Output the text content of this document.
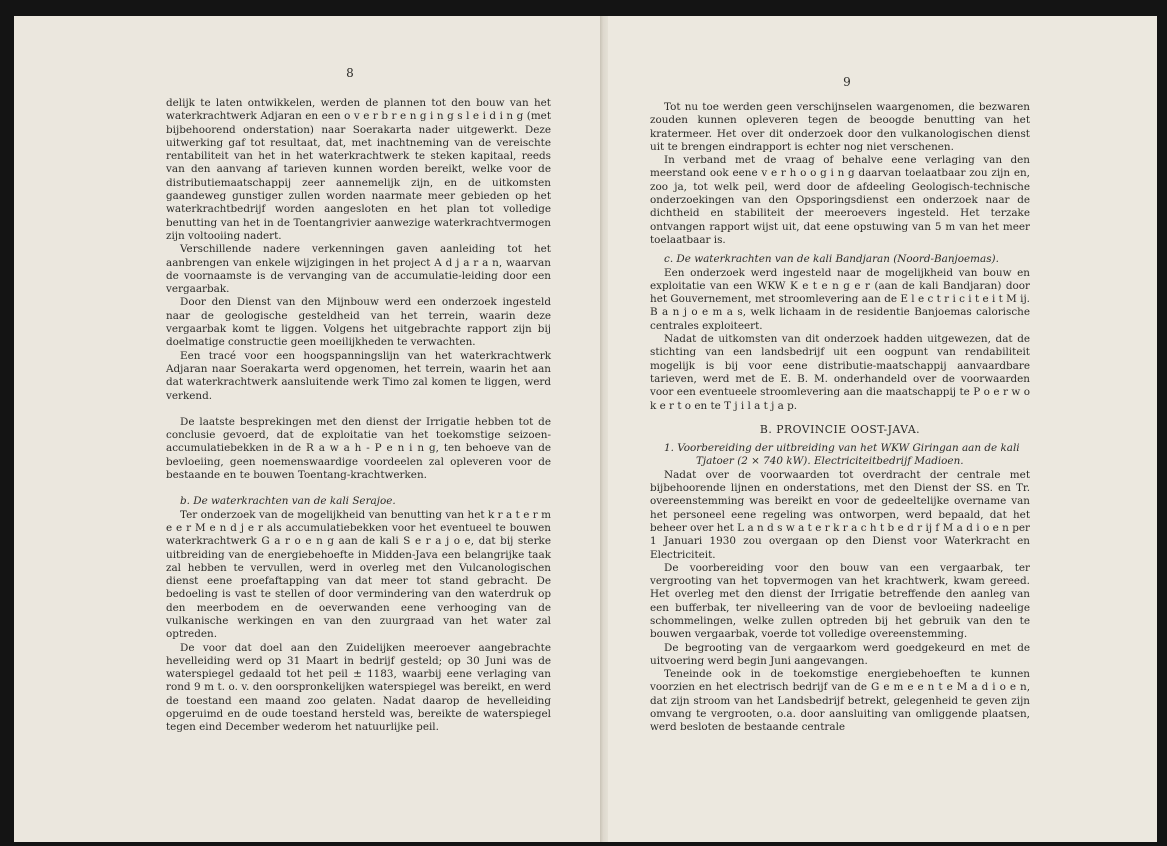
8
9

delijk te laten ontwikkelen, werden de plannen tot den bouw van het waterkrachtwerk Adjaran en een o v e r b r e n g i n g s l e i d i n g (met bijbehoorend onderstation) naar Soerakarta nader uitgewerkt. Deze uitwerking gaf tot resultaat, dat, met inachtneming van de vereischte rentabiliteit van het in het waterkrachtwerk te steken kapitaal, reeds van den aanvang af tarieven kunnen worden bereikt, welke voor de distributiemaatschappij zeer aannemelijk zijn, en de uitkomsten gaandeweg gunstiger zullen worden naarmate meer gebieden op het waterkrachtbedrijf worden aangesloten en het plan tot volledige benutting van het in de Toentangrivier aanwezige waterkrachtvermogen zijn voltooiing nadert.

Verschillende nadere verkenningen gaven aanleiding tot het aanbrengen van enkele wijzigingen in het project A d j a r a n, waarvan de voornaamste is de vervanging van de accumulatie-leiding door een vergaarbak.

Door den Dienst van den Mijnbouw werd een onderzoek ingesteld naar de geologische gesteldheid van het terrein, waarin deze vergaarbak komt te liggen. Volgens het uitgebrachte rapport zijn bij doelmatige constructie geen moeilijkheden te verwachten.

Een tracé voor een hoogspanningslijn van het waterkrachtwerk Adjaran naar Soerakarta werd opgenomen, het terrein, waarin het aan dat waterkrachtwerk aansluitende werk Timo zal komen te liggen, werd verkend.

De laatste besprekingen met den dienst der Irrigatie hebben tot de conclusie gevoerd, dat de exploitatie van het toekomstige seizoen-accumulatiebekken in de R a w a h - P e n i n g, ten behoeve van de bevloeiing, geen noemenswaardige voordeelen zal opleveren voor de bestaande en te bouwen Toentang-krachtwerken.

b. De waterkrachten van de kali Serajoe.

Ter onderzoek van de mogelijkheid van benutting van het k r a t e r m e e r M e n d j e r als accumulatiebekken voor het eventueel te bouwen waterkrachtwerk G a r o e n g aan de kali S e r a j o e, dat bij sterke uitbreiding van de energiebehoefte in Midden-Java een belangrijke taak zal hebben te vervullen, werd in overleg met den Vulcanologischen dienst eene proefaftapping van dat meer tot stand gebracht. De bedoeling is vast te stellen of door vermindering van den waterdruk op den meerbodem en de oeverwanden eene verhooging van de vulkanische werkingen en van den zuurgraad van het water zal optreden.

De voor dat doel aan den Zuidelijken meeroever aangebrachte hevelleiding werd op 31 Maart in bedrijf gesteld; op 30 Juni was de waterspiegel gedaald tot het peil ± 1183, waarbij eene verlaging van rond 9 m t. o. v. den oorspronkelijken waterspiegel was bereikt, en werd de toestand een maand zoo gelaten. Nadat daarop de hevelleiding opgeruimd en de oude toestand hersteld was, bereikte de waterspiegel tegen eind December wederom het natuurlijke peil.

Tot nu toe werden geen verschijnselen waargenomen, die bezwaren zouden kunnen opleveren tegen de beoogde benutting van het kratermeer. Het over dit onderzoek door den vulkanologischen dienst uit te brengen eindrapport is echter nog niet verschenen.

In verband met de vraag of behalve eene verlaging van den meerstand ook eene v e r h o o g i n g daarvan toelaatbaar zou zijn en, zoo ja, tot welk peil, werd door de afdeeling Geologisch-technische onderzoekingen van den Opsporingsdienst een onderzoek naar de dichtheid en stabiliteit der meeroevers ingesteld. Het terzake ontvangen rapport wijst uit, dat eene opstuwing van 5 m van het meer toelaatbaar is.

c. De waterkrachten van de kali Bandjaran (Noord-Banjoemas).

Een onderzoek werd ingesteld naar de mogelijkheid van bouw en exploitatie van een WKW K e t e n g e r (aan de kali Bandjaran) door het Gouvernement, met stroomlevering aan de E l e c t r i c i t e i t M ij. B a n j o e m a s, welk lichaam in de residentie Banjoemas calorische centrales exploiteert.

Nadat de uitkomsten van dit onderzoek hadden uitgewezen, dat de stichting van een landsbedrijf uit een oogpunt van rendabiliteit mogelijk is bij voor eene distributie-maatschappij aanvaardbare tarieven, werd met de E. B. M. onderhandeld over de voorwaarden voor een eventueele stroomlevering aan die maatschappij te P o e r w o k e r t o en te T j i l a t j a p.

B. PROVINCIE OOST-JAVA.

1. Voorbereiding der uitbreiding van het WKW Giringan aan de kali

Tjatoer (2 × 740 kW). Electriciteitbedrijf Madioen.

Nadat over de voorwaarden tot overdracht der centrale met bijbehoorende lijnen en onderstations, met den Dienst der SS. en Tr. overeenstemming was bereikt en voor de gedeeltelijke overname van het personeel eene regeling was ontworpen, werd bepaald, dat het beheer over het L a n d s w a t e r k r a c h t b e d r ij f M a d i o e n per 1 Januari 1930 zou overgaan op den Dienst voor Waterkracht en Electriciteit.

De voorbereiding voor den bouw van een vergaarbak, ter vergrooting van het topvermogen van het krachtwerk, kwam gereed. Het overleg met den dienst der Irrigatie betreffende den aanleg van een bufferbak, ter nivelleering van de voor de bevloeiing nadeelige schommelingen, welke zullen optreden bij het gebruik van den te bouwen vergaarbak, voerde tot volledige overeenstemming.

De begrooting van de vergaarkom werd goedgekeurd en met de uitvoering werd begin Juni aangevangen.

Teneinde ook in de toekomstige energiebehoeften te kunnen voorzien en het electrisch bedrijf van de G e m e e n t e M a d i o e n, dat zijn stroom van het Landsbedrijf betrekt, gelegenheid te geven zijn omvang te vergrooten, o.a. door aansluiting van omliggende plaatsen, werd besloten de bestaande centrale
